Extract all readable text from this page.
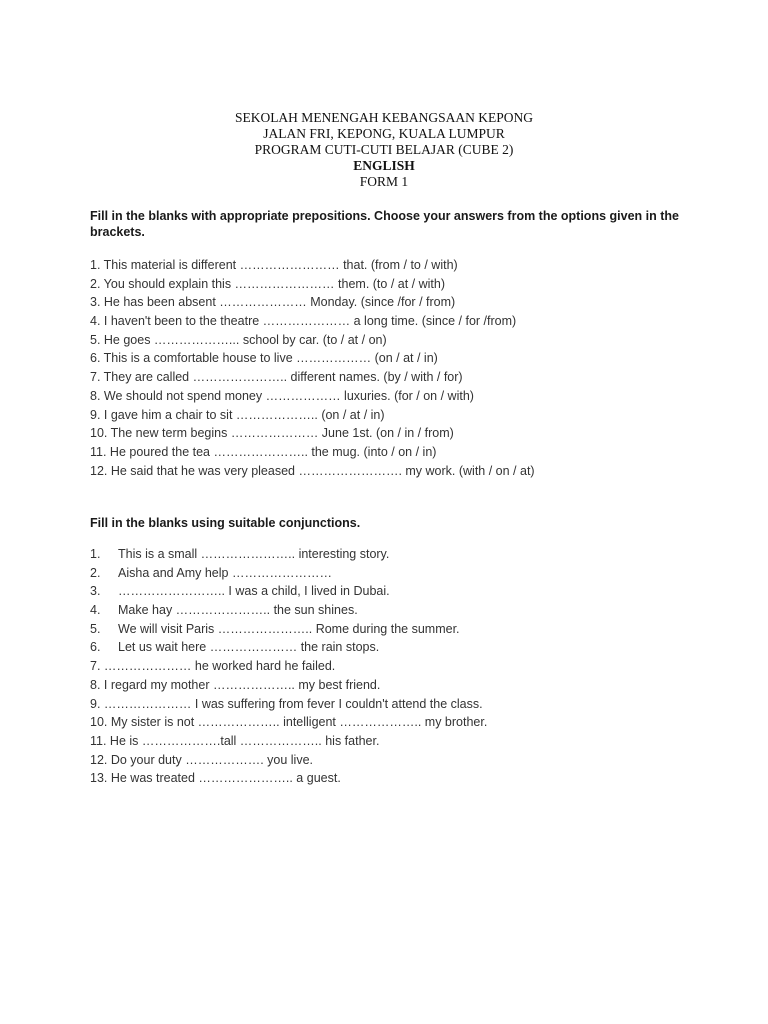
SEKOLAH MENENGAH KEBANGSAAN KEPONG
JALAN FRI, KEPONG, KUALA LUMPUR
PROGRAM CUTI-CUTI BELAJAR (CUBE 2)
ENGLISH
FORM 1
Fill in the blanks with appropriate prepositions. Choose your answers from the options given in the brackets.
1. This material is different …………………… that. (from / to / with)
2. You should explain this …………………… them. (to / at / with)
3. He has been absent ………………… Monday. (since /for / from)
4. I haven't been to the theatre ………………… a long time. (since / for /from)
5. He goes ………………... school by car. (to / at / on)
6. This is a comfortable house to live ……………… (on / at / in)
7. They are called ………………….. different names. (by / with / for)
8. We should not spend money ……………… luxuries. (for / on / with)
9. I gave him a chair to sit ……………….. (on / at / in)
10. The new term begins ………………… June 1st. (on / in / from)
11. He poured the tea ………………….. the mug. (into / on / in)
12. He said that he was very pleased ……………………. my work. (with / on / at)
Fill in the blanks using suitable conjunctions.
1. This is a small ………………….. interesting story.
2. Aisha and Amy help ……………………
3. …………………….. I was a child, I lived in Dubai.
4. Make hay ………………….. the sun shines.
5. We will visit Paris ………………….. Rome during the summer.
6. Let us wait here ………………… the rain stops.
7. ………………… he worked hard he failed.
8. I regard my mother ……………….. my best friend.
9. ………………… I was suffering from fever I couldn't attend the class.
10. My sister is not ……………….. intelligent ……………….. my brother.
11. He is ……………….tall ……………….. his father.
12. Do your duty ………………. you live.
13. He was treated ………………….. a guest.
